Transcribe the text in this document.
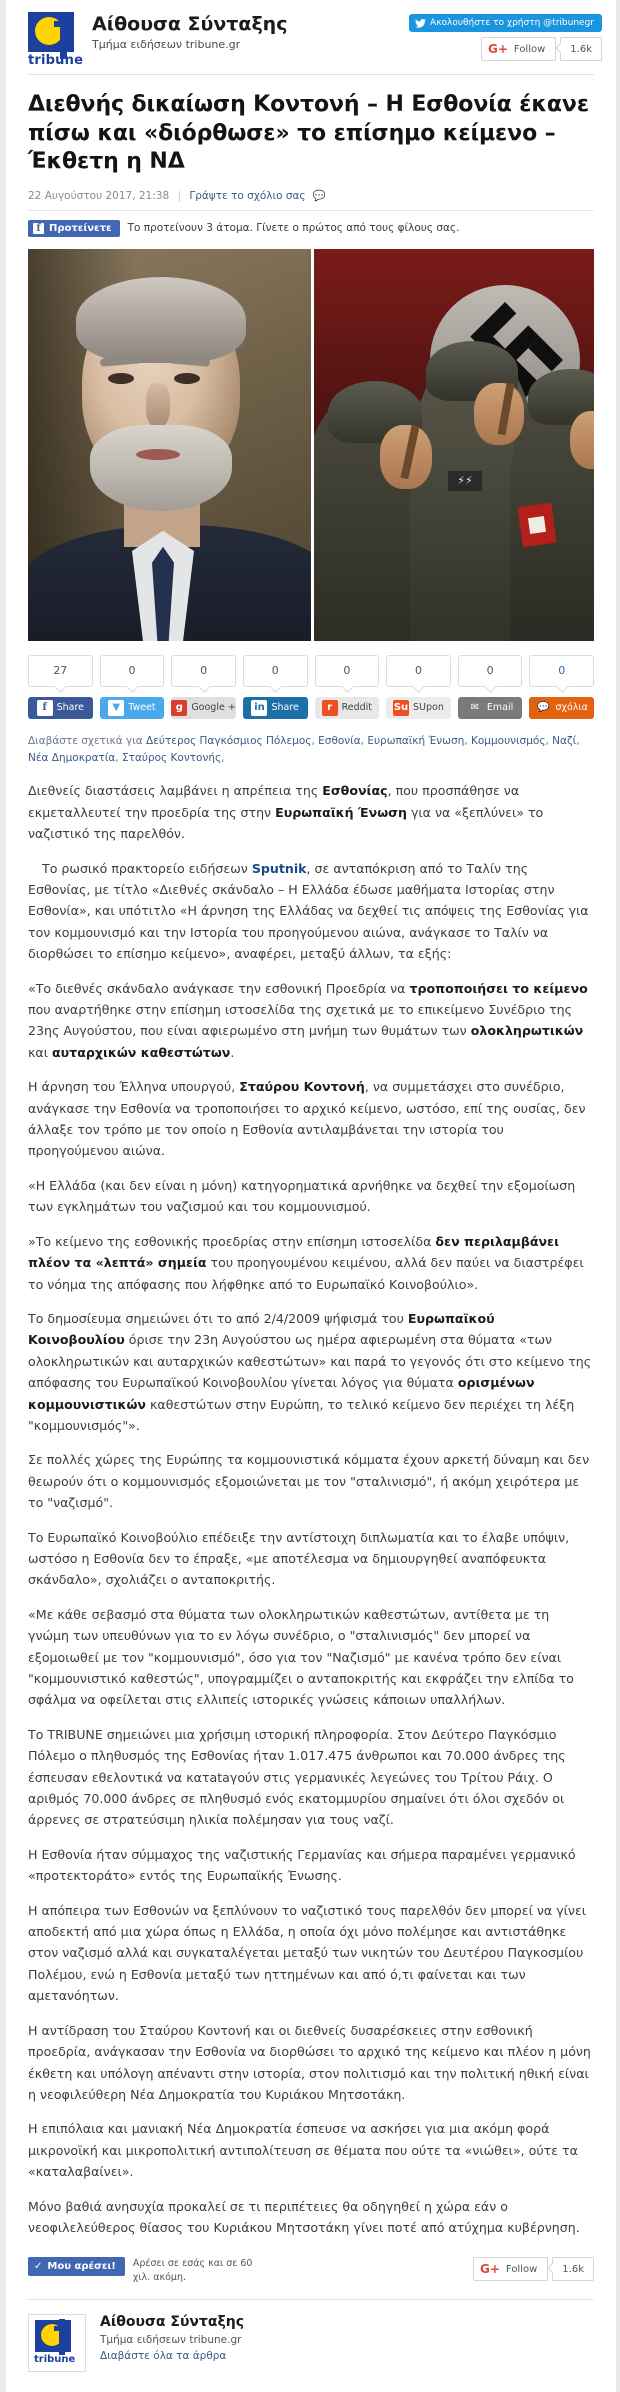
tribune
Αίθουσα Σύνταξης
Τμήμα ειδήσεων tribune.gr
Ακολουθήστε το χρήστη @tribunegr
G+ Follow	1.6k
Διεθνής δικαίωση Κοντονή – Η Εσθονία έκανε πίσω και «διόρθωσε» το επίσημο κείμενο – Έκθετη η ΝΔ
22 Αυγούστου 2017, 21:38 | Γράψτε το σχόλιο σας 💬
f Προτείνετε Το προτείνουν 3 άτομα. Γίνετε ο πρώτος από τους φίλους σας.
⚡⚡
27	0	0	0	0	0	0	0
f	Share	▼ Tweet	g Google + in Share	r	Reddit Su SUpon	✉ Email 💬 σχόλια
Διαβάστε σχετικά για Δεύτερος Παγκόσμιος Πόλεμος, Εσθονία, Ευρωπαϊκή Ένωση, Κομμουνισμός, Ναζί, Νέα Δημοκρατία, Σταύρος Κοντονής,

Διεθνείς διαστάσεις λαμβάνει η απρέπεια της Εσθονίας, που προσπάθησε να εκμεταλλευτεί την προεδρία της στην Ευρωπαϊκή Ένωση για να «ξεπλύνει» το ναζιστικό της παρελθόν.

Το ρωσικό πρακτορείο ειδήσεων Sputnik, σε ανταπόκριση από το Ταλίν της Εσθονίας, με τίτλο «Διεθνές σκάνδαλο – Η Ελλάδα έδωσε μαθήματα Ιστορίας στην Εσθονία», και υπότιτλο «Η άρνηση της Ελλάδας να δεχθεί τις απόψεις της Εσθονίας για τον κομμουνισμό και την Ιστορία του προηγούμενου αιώνα, ανάγκασε το Ταλίν να διορθώσει το επίσημο κείμενο», αναφέρει, μεταξύ άλλων, τα εξής:

«Το διεθνές σκάνδαλο ανάγκασε την εσθονική Προεδρία να τροποποιήσει το κείμενο που αναρτήθηκε στην επίσημη ιστοσελίδα της σχετικά με το επικείμενο Συνέδριο της 23ης Αυγούστου, που είναι αφιερωμένο στη μνήμη των θυμάτων των ολοκληρωτικών και αυταρχικών καθεστώτων.

Η άρνηση του Έλληνα υπουργού, Σταύρου Κοντονή, να συμμετάσχει στο συνέδριο, ανάγκασε την Εσθονία να τροποποιήσει το αρχικό κείμενο, ωστόσο, επί της ουσίας, δεν άλλαξε τον τρόπο με τον οποίο η Εσθονία αντιλαμβάνεται την ιστορία του προηγούμενου αιώνα.

«Η Ελλάδα (και δεν είναι η μόνη) κατηγορηματικά αρνήθηκε να δεχθεί την εξομοίωση των εγκλημάτων του ναζισμού και του κομμουνισμού.

»Το κείμενο της εσθονικής προεδρίας στην επίσημη ιστοσελίδα δεν περιλαμβάνει πλέον τα «λεπτά» σημεία του προηγουμένου κειμένου, αλλά δεν παύει να διαστρέφει το νόημα της απόφασης που λήφθηκε από το Ευρωπαϊκό Κοινοβούλιο».

Το δημοσίευμα σημειώνει ότι το από 2/4/2009 ψήφισμά του Ευρωπαϊκού Κοινοβουλίου όρισε την 23η Αυγούστου ως ημέρα αφιερωμένη στα θύματα «των ολοκληρωτικών και αυταρχικών καθεστώτων» και παρά το γεγονός ότι στο κείμενο της απόφασης του Ευρωπαϊκού Κοινοβουλίου γίνεται λόγος για θύματα ορισμένων κομμουνιστικών καθεστώτων στην Ευρώπη, το τελικό κείμενο δεν περιέχει τη λέξη "κομμουνισμός"».

Σε πολλές χώρες της Ευρώπης τα κομμουνιστικά κόμματα έχουν αρκετή δύναμη και δεν θεωρούν ότι ο κομμουνισμός εξομοιώνεται με τον "σταλινισμό", ή ακόμη χειρότερα με το "ναζισμό".

Το Ευρωπαϊκό Κοινοβούλιο επέδειξε την αντίστοιχη διπλωματία και το έλαβε υπόψιν, ωστόσο η Εσθονία δεν το έπραξε, «με αποτέλεσμα να δημιουργηθεί αναπόφευκτα σκάνδαλο», σχολιάζει ο ανταποκριτής.

«Με κάθε σεβασμό στα θύματα των ολοκληρωτικών καθεστώτων, αντίθετα με τη γνώμη των υπευθύνων για το εν λόγω συνέδριο, ο "σταλινισμός" δεν μπορεί να εξομοιωθεί με τον "κομμουνισμό", όσο για τον "Ναζισμό" με κανένα τρόπο δεν είναι "κομμουνιστικό καθεστώς", υπογραμμίζει ο ανταποκριτής και εκφράζει την ελπίδα το σφάλμα να οφείλεται στις ελλιπείς ιστορικές γνώσεις κάποιων υπαλλήλων.

Το TRIBUNE σημειώνει μια χρήσιμη ιστορική πληροφορία. Στον Δεύτερο Παγκόσμιο Πόλεμο ο πληθυσμός της Εσθονίας ήταν 1.017.475 άνθρωποι και 70.000 άνδρες της έσπευσαν εθελοντικά να κατataγούν στις γερμανικές λεγεώνες του Τρίτου Ράιχ. Ο αριθμός 70.000 άνδρες σε πληθυσμό ενός εκατομμυρίου σημαίνει ότι όλοι σχεδόν οι άρρενες σε στρατεύσιμη ηλικία πολέμησαν για τους ναζί.

Η Εσθονία ήταν σύμμαχος της ναζιστικής Γερμανίας και σήμερα παραμένει γερμανικό «προτεκτοράτο» εντός της Ευρωπαϊκής Ένωσης.

Η απόπειρα των Εσθονών να ξεπλύνουν το ναζιστικό τους παρελθόν δεν μπορεί να γίνει αποδεκτή από μια χώρα όπως η Ελλάδα, η οποία όχι μόνο πολέμησε και αντιστάθηκε στον ναζισμό αλλά και συγκαταλέγεται μεταξύ των νικητών του Δευτέρου Παγκοσμίου Πολέμου, ενώ η Εσθονία μεταξύ των ηττημένων και από ό,τι φαίνεται και των αμετανόητων.

Η αντίδραση του Σταύρου Κοντονή και οι διεθνείς δυσαρέσκειες στην εσθονική προεδρία, ανάγκασαν την Εσθονία να διορθώσει το αρχικό της κείμενο και πλέον η μόνη έκθετη και υπόλογη απέναντι στην ιστορία, στον πολιτισμό και την πολιτική ηθική είναι η νεοφιλεύθερη Νέα Δημοκρατία του Κυριάκου Μητσοτάκη.

Η επιπόλαια και μανιακή Νέα Δημοκρατία έσπευσε να ασκήσει για μια ακόμη φορά μικρονοϊκή και μικροπολιτική αντιπολίτευση σε θέματα που ούτε τα «νιώθει», ούτε τα «καταλαβαίνει».

Μόνο βαθιά ανησυχία προκαλεί σε τι περιπέτειες θα οδηγηθεί η χώρα εάν ο νεοφιλελεύθερος θίασος του Κυριάκου Μητσοτάκη γίνει ποτέ από ατύχημα κυβέρνηση.

✓ Μου αρέσει! Αρέσει σε εσάς και σε 60 χιλ. ακόμη.
G+ Follow	1.6k
tribune
Αίθουσα Σύνταξης
Τμήμα ειδήσεων tribune.gr
Διαβάστε όλα τα άρθρα
